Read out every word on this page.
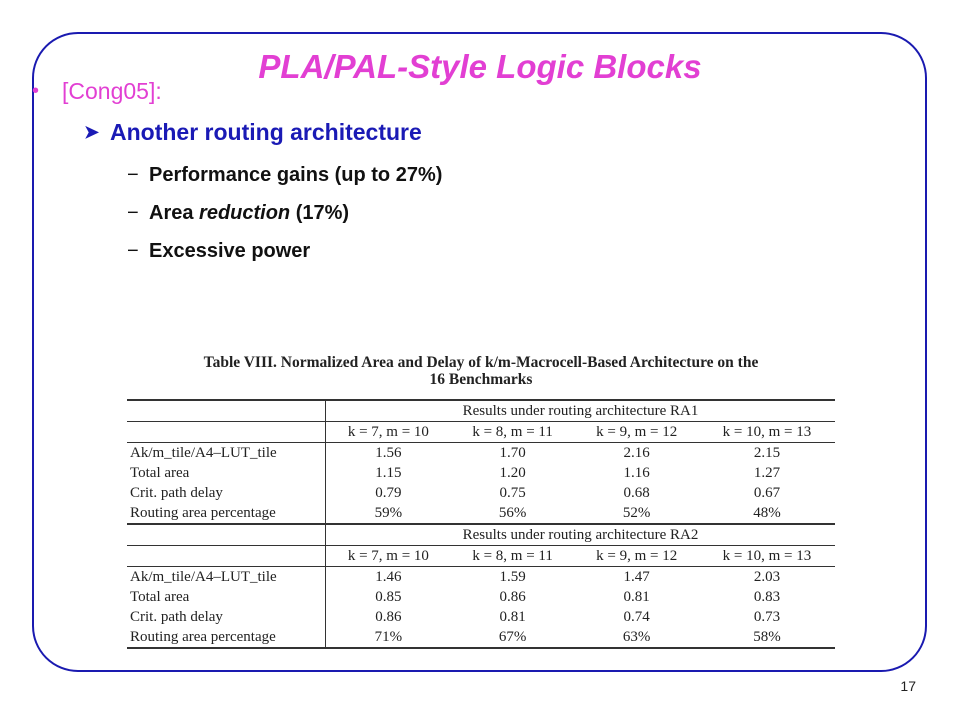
PLA/PAL-Style Logic Blocks
• [Cong05]:
➤ Another routing architecture
− Performance gains (up to 27%)
− Area reduction (17%)
− Excessive power
Table VIII. Normalized Area and Delay of k/m-Macrocell-Based Architecture on the
16 Benchmarks
	Results under routing architecture RA1			
	k = 7, m = 10	k = 8, m = 11	k = 9, m = 12	k = 10, m = 13
Ak/m_tile/A4–LUT_tile	1.56	1.70	2.16	2.15
Total area	1.15	1.20	1.16	1.27
Crit. path delay	0.79	0.75	0.68	0.67
Routing area percentage	59%	56%	52%	48%
	Results under routing architecture RA2			
	k = 7, m = 10	k = 8, m = 11	k = 9, m = 12	k = 10, m = 13
Ak/m_tile/A4–LUT_tile	1.46	1.59	1.47	2.03
Total area	0.85	0.86	0.81	0.83
Crit. path delay	0.86	0.81	0.74	0.73
Routing area percentage	71%	67%	63%	58%
17
